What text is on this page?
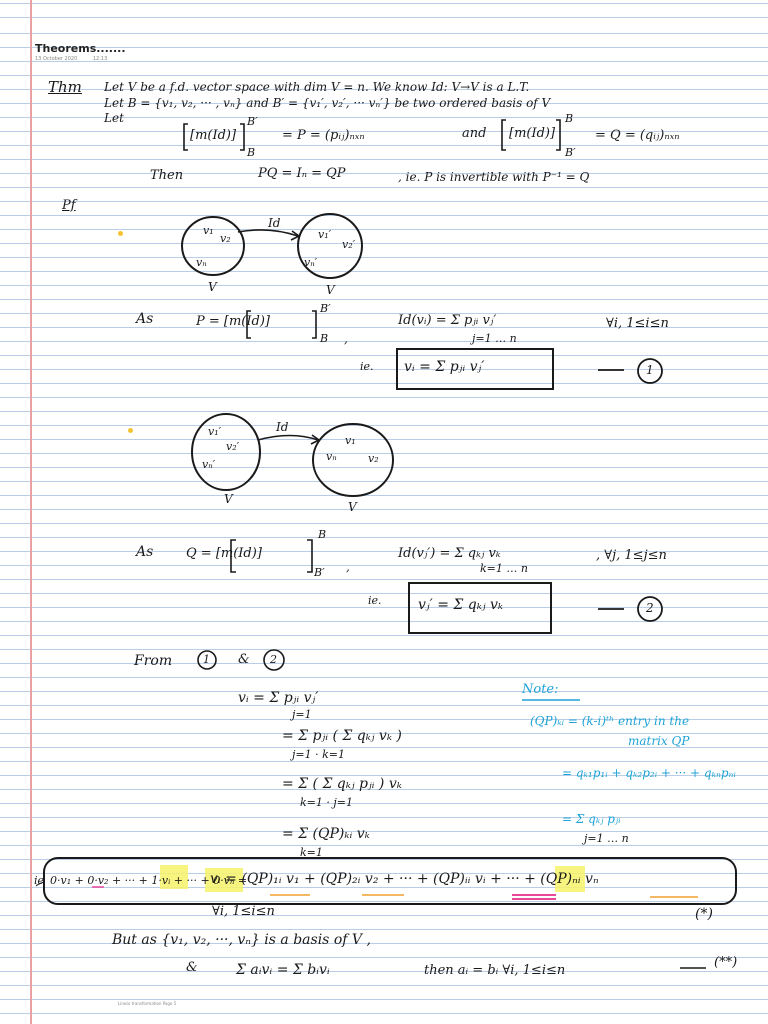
Theorems.......
13 October 2020	12:13
Thm Let V be a f.d. vector space with dim V = n. We know Id: V→V is a L.T.
Let B = {v₁, v₂, ··· , vₙ} and B′ = {v₁′, v₂′, ··· vₙ′} be two ordered basis of V
Let
[m(Id)]
B′
B
= P = (pᵢⱼ)ₙₓₙ	and [m(Id)]
B
B′
= Q = (qᵢⱼ)ₙₓₙ
Then	PQ = Iₙ = QP	, ie. P is invertible with P⁻¹ = Q
Pf
Id
v₁
v₂
vₙ
v₁′
v₂′
vₙ′
V	V
As	P = [m(Id)]
B′
B ,
Id(vᵢ) = Σ pⱼᵢ vⱼ′
j=1 … n
∀i, 1≤i≤n
ie. vᵢ = Σ pⱼᵢ vⱼ′	1
Id
v₁′
v₂′
vₙ′
v₁
vₙ	v₂
V
V
As	Q = [m(Id)]
B
B′ ,
Id(vⱼ′) = Σ qₖⱼ vₖ
k=1 … n
, ∀j, 1≤j≤n
ie.	vⱼ′ = Σ qₖⱼ vₖ	2
From	1 & 2
vᵢ = Σ pⱼᵢ vⱼ′
= Σ pⱼᵢ ( Σ qₖⱼ vₖ )
= Σ ( Σ qₖⱼ pⱼᵢ ) vₖ
= Σ (QP)ₖᵢ vₖ
j=1
j=1 · k=1
k=1 · j=1
k=1
Note:
(QP)ₖᵢ = (k-i)ᵗʰ entry in the
matrix QP
= qₖ₁p₁ᵢ + qₖ₂p₂ᵢ + ··· + qₖₙpₙᵢ
= Σ qₖⱼ pⱼᵢ
j=1 … n
ie 0·v₁ + 0·v₂ + ··· + 1·vᵢ + ··· + 0·vₙ =
vᵢ = (QP)₁ᵢ v₁ + (QP)₂ᵢ v₂ + ··· + (QP)ᵢᵢ vᵢ + ··· + (QP)ₙᵢ vₙ
∀i, 1≤i≤n	(*)
But as {v₁, v₂, ···, vₙ} is a basis of V ,
&	Σ aᵢvᵢ = Σ bᵢvᵢ	then aᵢ = bᵢ ∀i, 1≤i≤n
(**)
Linear transformation Page 5
